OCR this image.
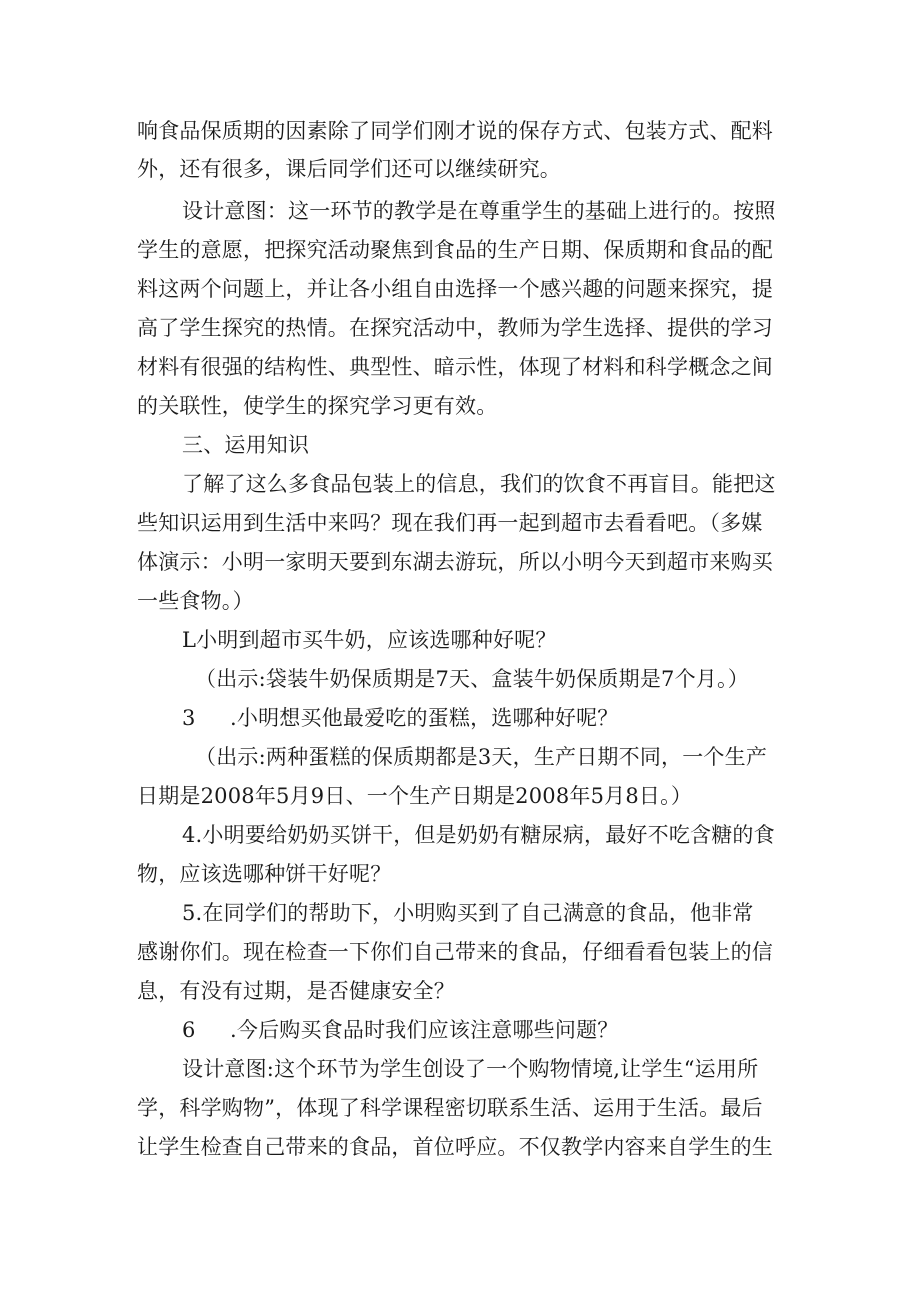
响食品保质期的因素除了同学们刚才说的保存方式、包装方式、配料
外，还有很多，课后同学们还可以继续研究。
设计意图：这一环节的教学是在尊重学生的基础上进行的。按照
学生的意愿，把探究活动聚焦到食品的生产日期、保质期和食品的配
料这两个问题上，并让各小组自由选择一个感兴趣的问题来探究，提
高了学生探究的热情。在探究活动中，教师为学生选择、提供的学习
材料有很强的结构性、典型性、暗示性，体现了材料和科学概念之间
的关联性，使学生的探究学习更有效。
三、运用知识
了解了这么多食品包装上的信息，我们的饮食不再盲目。能把这
些知识运用到生活中来吗？现在我们再一起到超市去看看吧。（多媒
体演示：小明一家明天要到东湖去游玩，所以小明今天到超市来购买
一些食物。）
L小明到超市买牛奶，应该选哪种好呢？
（出示:袋装牛奶保质期是7天、盒装牛奶保质期是7个月。）
3 .小明想买他最爱吃的蛋糕，选哪种好呢？
（出示:两种蛋糕的保质期都是3天，生产日期不同，一个生产
日期是2008年5月9日、一个生产日期是2008年5月8日。）
4.小明要给奶奶买饼干，但是奶奶有糖尿病，最好不吃含糖的食
物，应该选哪种饼干好呢？
5.在同学们的帮助下，小明购买到了自己满意的食品，他非常
感谢你们。现在检查一下你们自己带来的食品，仔细看看包装上的信
息，有没有过期，是否健康安全？
6 .今后购买食品时我们应该注意哪些问题？
设计意图:这个环节为学生创设了一个购物情境,让学生“运用所
学，科学购物”，体现了科学课程密切联系生活、运用于生活。最后
让学生检查自己带来的食品，首位呼应。不仅教学内容来自学生的生
